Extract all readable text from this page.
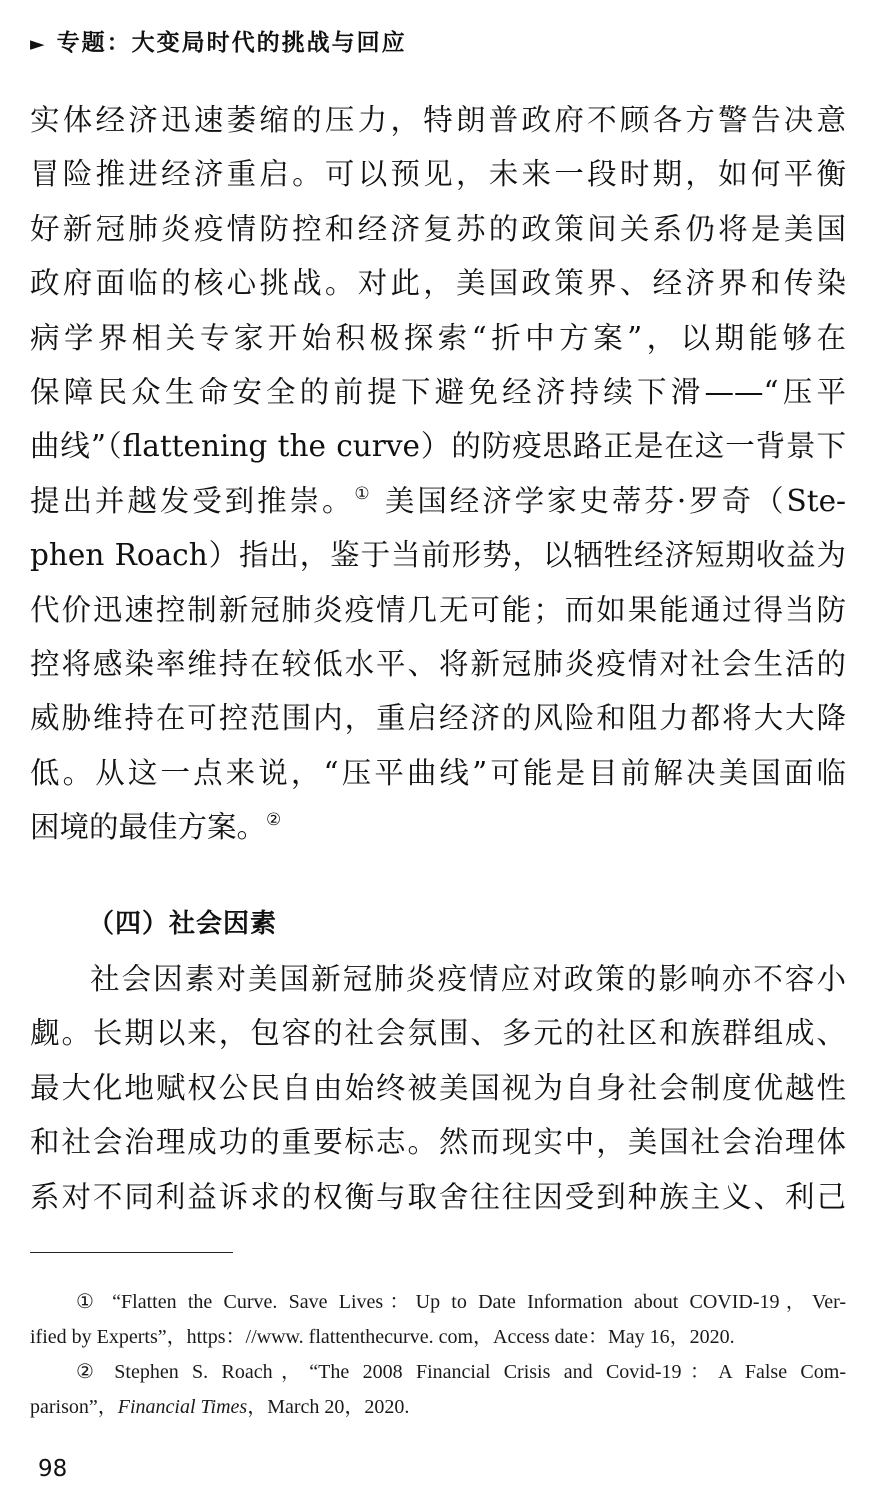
► 专题：大变局时代的挑战与回应
实体经济迅速萎缩的压力，特朗普政府不顾各方警告决意
冒险推进经济重启。可以预见，未来一段时期，如何平衡
好新冠肺炎疫情防控和经济复苏的政策间关系仍将是美国
政府面临的核心挑战。对此，美国政策界、经济界和传染
病学界相关专家开始积极探索“折中方案”，以期能够在
保障民众生命安全的前提下避免经济持续下滑——“压平
曲线”（flattening the curve）的防疫思路正是在这一背景下
提出并越发受到推崇。① 美国经济学家史蒂芬·罗奇（Ste-
phen Roach）指出，鉴于当前形势，以牺牲经济短期收益为
代价迅速控制新冠肺炎疫情几无可能；而如果能通过得当防
控将感染率维持在较低水平、将新冠肺炎疫情对社会生活的
威胁维持在可控范围内，重启经济的风险和阻力都将大大降
低。从这一点来说，“压平曲线”可能是目前解决美国面临
困境的最佳方案。②
（四）社会因素
社会因素对美国新冠肺炎疫情应对政策的影响亦不容小
觑。长期以来，包容的社会氛围、多元的社区和族群组成、
最大化地赋权公民自由始终被美国视为自身社会制度优越性
和社会治理成功的重要标志。然而现实中，美国社会治理体
系对不同利益诉求的权衡与取舍往往因受到种族主义、利己
① “Flatten the Curve. Save Lives：Up to Date Information about COVID-19，Ver-
ified by Experts”，https：//www. flattenthecurve. com，Access date：May 16，2020.
② Stephen S. Roach，“The 2008 Financial Crisis and Covid-19：A False Com-
parison”，Financial Times，March 20，2020.
98
